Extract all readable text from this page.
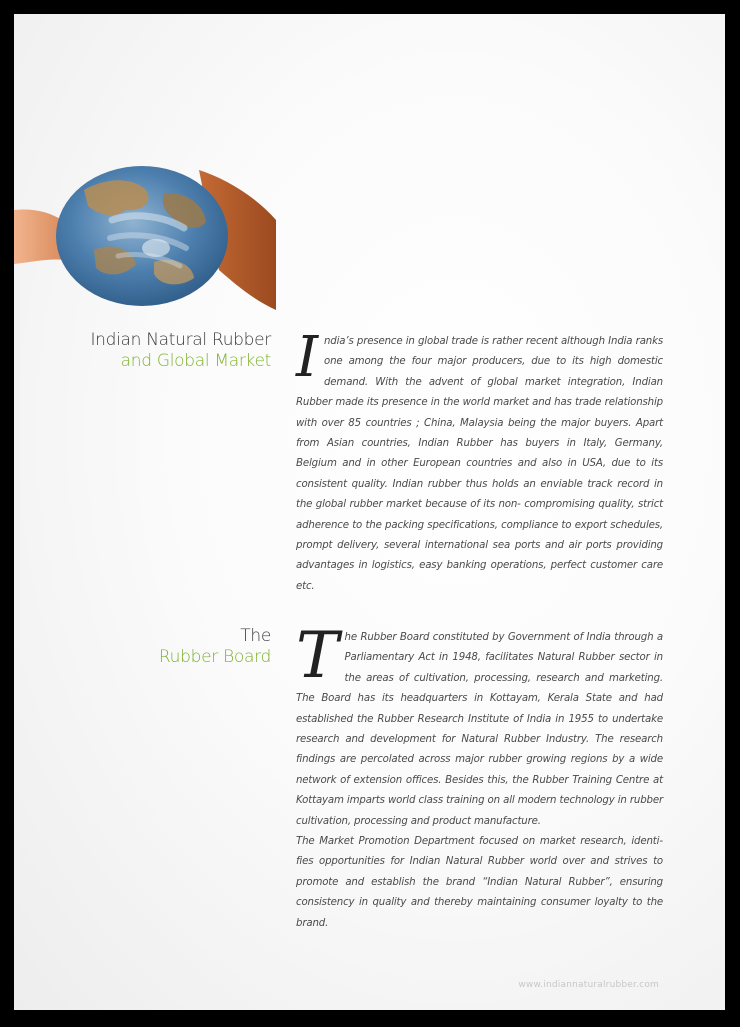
Indian Natural Rubber
and Global Market I ndia’s presence in global trade is rather recent although India ranks one among the four major producers, due to its high domestic demand. With the advent of global market integration, Indian Rubber made its presence in the world market and has trade relationship with over 85 countries ; China, Malaysia being the major buyers. Apart from Asian countries, Indian Rubber has buyers in Italy, Germany, Belgium and in other European countries and also in USA, due to its consistent quality. Indian rubber thus holds an enviable track record in the global rubber market because of its non- compromising quality, strict adherence to the packing specifications, compliance to export schedules, prompt delivery, several international sea ports and air ports providing advantages in logistics, easy banking operations, perfect customer care etc.

The
Rubber Board T he Rubber Board constituted by Government of India through a Parliamentary Act in 1948, facilitates Natural Rubber sector in the areas of cultivation, processing, research and marketing. The Board has its headquarters in Kottayam, Kerala State and had established the Rubber Research Institute of India in 1955 to undertake research and development for Natural Rubber Industry. The research findings are percolated across major rubber growing regions by a wide network of extension offices. Besides this, the Rubber Training Centre at Kottayam imparts world class training on all modern technology in rubber cultivation, processing and product manufacture.

The Market Promotion Department focused on market research, identifies opportunities for Indian Natural Rubber world over and strives to promote and establish the brand “Indian Natural Rubber”, ensuring consistency in quality and thereby maintaining consumer loyalty to the brand.

www.indiannaturalrubber.com
